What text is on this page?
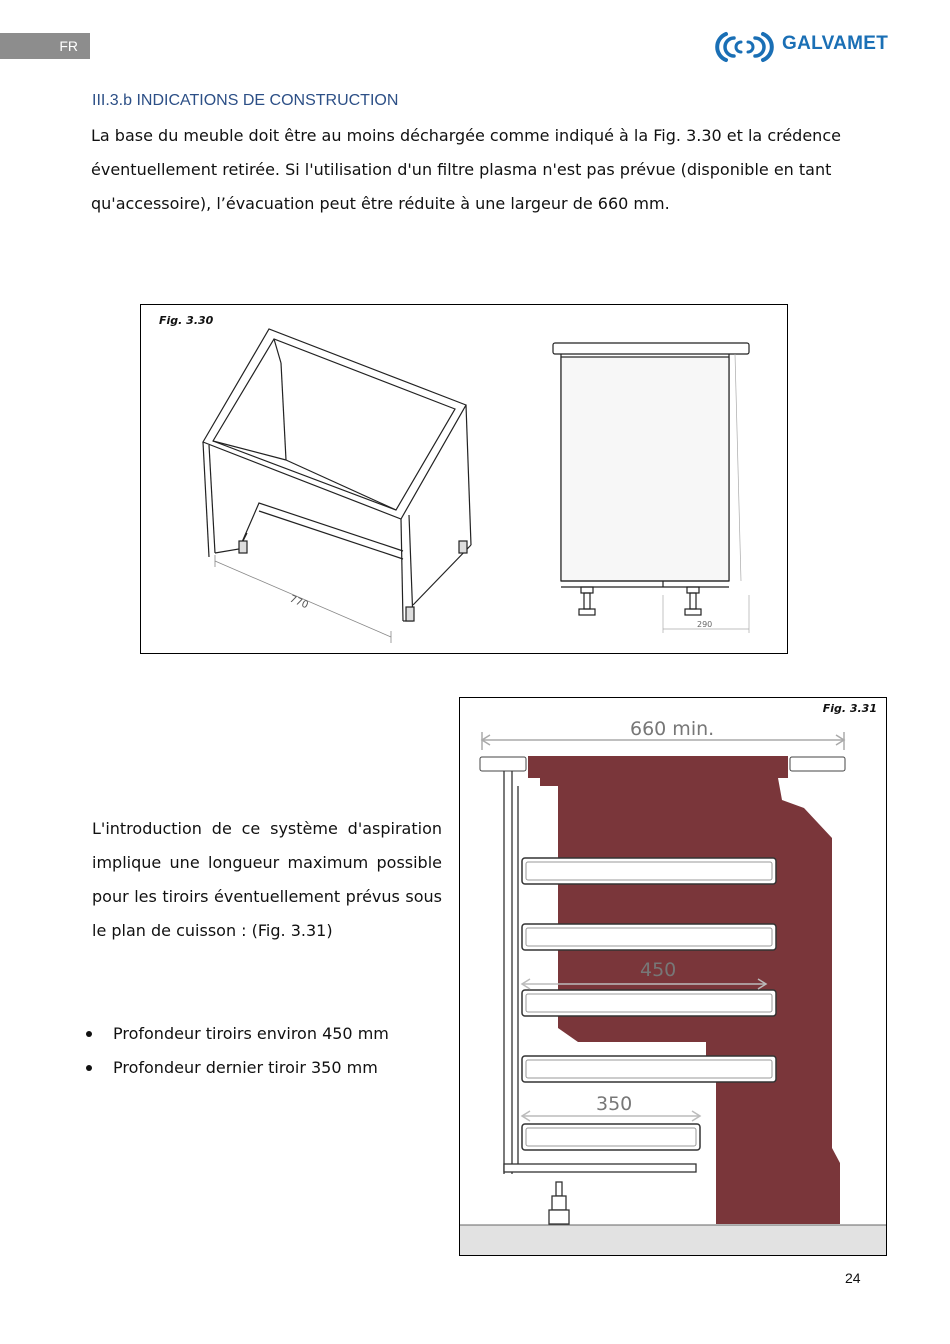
FR	GALVAMET
III.3.b INDICATIONS DE CONSTRUCTION
La base du meuble doit être au moins déchargée comme indiqué à la Fig. 3.30 et la crédence éventuellement retirée. Si l'utilisation d'un filtre plasma n'est pas prévue (disponible en tant qu'accessoire), l’évacuation peut être réduite à une largeur de 660 mm.
770
290
Fig. 3.30
660 min.
450
350
Fig. 3.31
L'introduction de ce système d'aspiration implique une longueur maximum possible pour les tiroirs éventuellement prévus sous le plan de cuisson : (Fig. 3.31)
Profondeur tiroirs environ 450 mm
Profondeur dernier tiroir 350 mm
24
